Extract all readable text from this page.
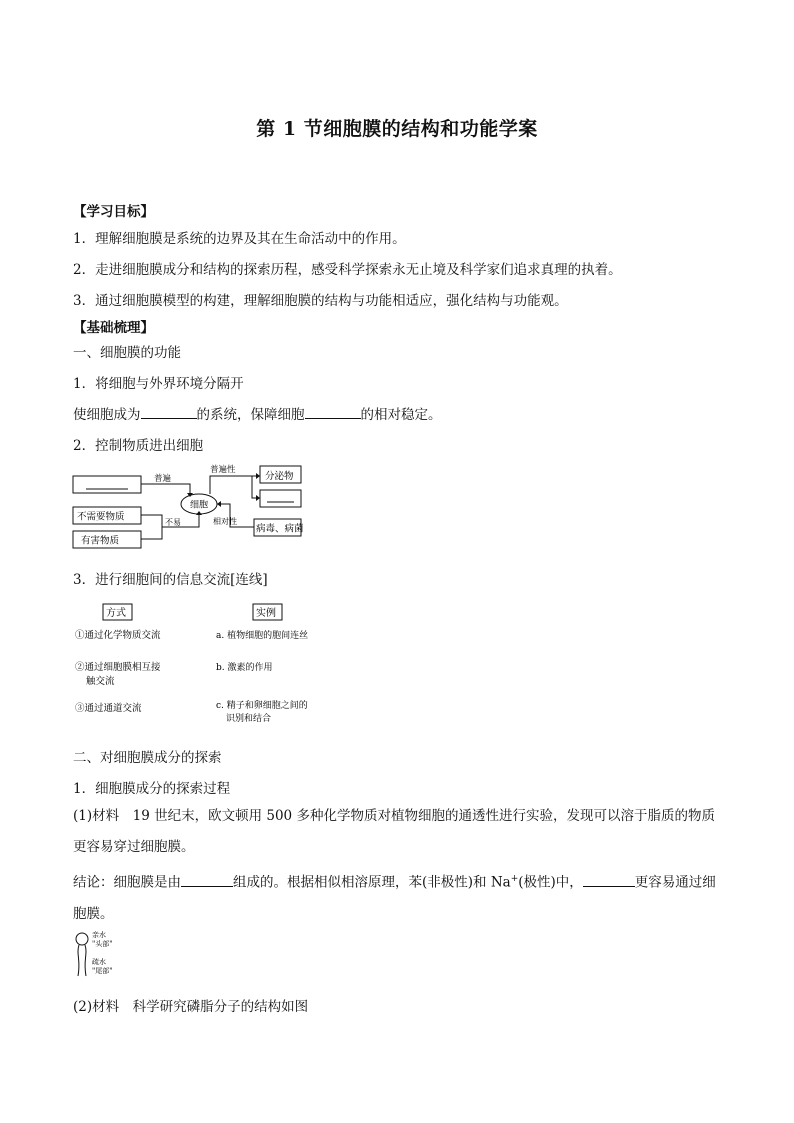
第 1 节细胞膜的结构和功能学案
【学习目标】
1．理解细胞膜是系统的边界及其在生命活动中的作用。
2．走进细胞膜成分和结构的探索历程，感受科学探索永无止境及科学家们追求真理的执着。
3．通过细胞膜模型的构建，理解细胞膜的结构与功能相适应，强化结构与功能观。
【基础梳理】
一、细胞膜的功能
1．将细胞与外界环境分隔开
使细胞成为	的系统，保障细胞	的相对稳定。
2．控制物质进出细胞
普遍
普遍性
分泌物
细胞
不易	相对性
不需要物质
有害物质
病毒、病菌
3．进行细胞间的信息交流[连线]
方式	实例
①通过化学物质交流
②通过细胞膜相互接
触交流
③通过通道交流
a. 植物细胞的胞间连丝
b. 激素的作用
c. 精子和卵细胞之间的
识别和结合
二、对细胞膜成分的探索
1．细胞膜成分的探索过程
(1)材料　19 世纪末，欧文顿用 500 多种化学物质对植物细胞的通透性进行实验，发现可以溶于脂质的物质更容易穿过细胞膜。
结论：细胞膜是由	组成的。根据相似相溶原理，苯(非极性)和 Na+(极性)中，	更容易通过细胞膜。
亲水
"头部"
疏水
"尾部"
(2)材料　科学研究磷脂分子的结构如图
